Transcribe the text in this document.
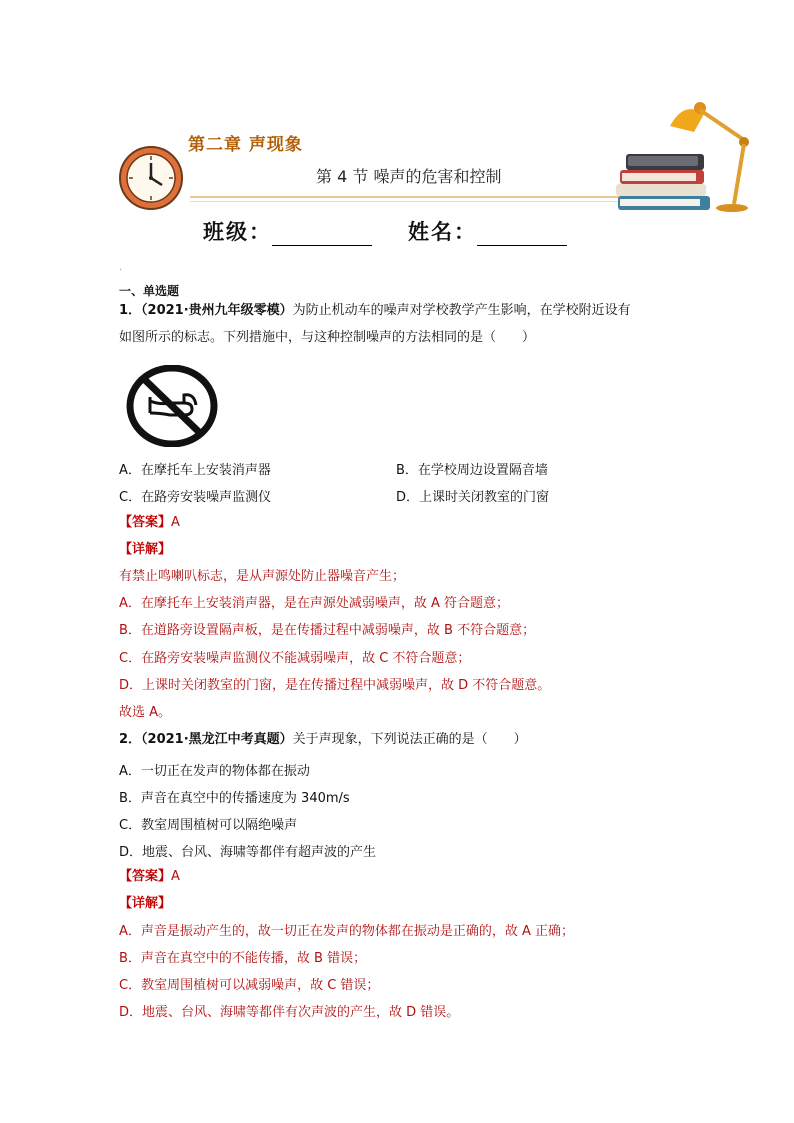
第二章 声现象
第 4 节 噪声的危害和控制
班级：	姓名：
.
一、单选题
1．（2021·贵州九年级零模）为防止机动车的噪声对学校教学产生影响，在学校附近设有
如图所示的标志。下列措施中，与这种控制噪声的方法相同的是（　　）
A．在摩托车上安装消声器	B．在学校周边设置隔音墙
C．在路旁安装噪声监测仪	D．上课时关闭教室的门窗
【答案】A
【详解】
有禁止鸣喇叭标志，是从声源处防止器噪音产生；
A．在摩托车上安装消声器，是在声源处减弱噪声，故 A 符合题意；
B．在道路旁设置隔声板，是在传播过程中减弱噪声，故 B 不符合题意；
C．在路旁安装噪声监测仪不能减弱噪声，故 C 不符合题意；
D．上课时关闭教室的门窗，是在传播过程中减弱噪声，故 D 不符合题意。
故选 A。
2．（2021·黑龙江中考真题）关于声现象，下列说法正确的是（　　）
A．一切正在发声的物体都在振动
B．声音在真空中的传播速度为 340m/s
C．教室周围植树可以隔绝噪声
D．地震、台风、海啸等都伴有超声波的产生
【答案】A
【详解】
A．声音是振动产生的，故一切正在发声的物体都在振动是正确的，故 A 正确；
B．声音在真空中的不能传播，故 B 错误；
C．教室周围植树可以减弱噪声，故 C 错误；
D．地震、台风、海啸等都伴有次声波的产生，故 D 错误。
